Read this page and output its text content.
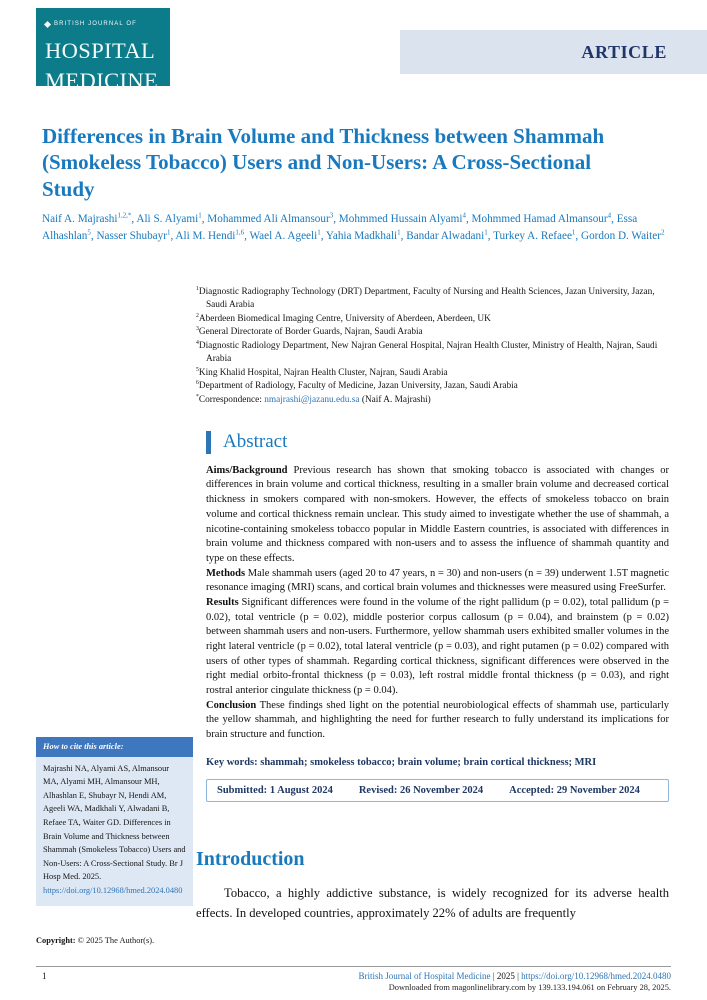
BRITISH JOURNAL OF
HOSPITAL
MEDICINE
ARTICLE
Differences in Brain Volume and Thickness between Shammah (Smokeless Tobacco) Users and Non-Users: A Cross-Sectional Study
Naif A. Majrashi$^{1,2,*}$, Ali S. Alyami$^1$, Mohammed Ali Almansour$^3$, Mohmmed Hussain Alyami$^4$, Mohmmed Hamad Almansour$^4$, Essa Alhashlan$^5$, Nasser Shubayr$^1$, Ali M. Hendi$^{1,6}$, Wael A. Ageeli$^1$, Yahia Madkhali$^1$, Bandar Alwadani$^1$, Turkey A. Refaee$^1$, Gordon D. Waiter$^2$
$^1$Diagnostic Radiography Technology (DRT) Department, Faculty of Nursing and Health Sciences, Jazan University, Jazan, Saudi Arabia
$^2$Aberdeen Biomedical Imaging Centre, University of Aberdeen, Aberdeen, UK
$^3$General Directorate of Border Guards, Najran, Saudi Arabia
$^4$Diagnostic Radiology Department, New Najran General Hospital, Najran Health Cluster, Ministry of Health, Najran, Saudi Arabia
$^5$King Khalid Hospital, Najran Health Cluster, Najran, Saudi Arabia
$^6$Department of Radiology, Faculty of Medicine, Jazan University, Jazan, Saudi Arabia
*Correspondence: nmajrashi@jazanu.edu.sa (Naif A. Majrashi)
Abstract

Aims/Background Previous research has shown that smoking tobacco is associated with changes or differences in brain volume and cortical thickness, resulting in a smaller brain volume and decreased cortical thickness in smokers compared with non-smokers. However, the effects of smokeless tobacco on brain volume and cortical thickness remain unclear. This study aimed to investigate whether the use of shammah, a nicotine-containing smokeless tobacco popular in Middle Eastern countries, is associated with differences in brain volume and thickness compared with non-users and to assess the influence of shammah quantity and type on these effects.

Methods Male shammah users (aged 20 to 47 years, n = 30) and non-users (n = 39) underwent 1.5T magnetic resonance imaging (MRI) scans, and cortical brain volumes and thicknesses were measured using FreeSurfer.

Results Significant differences were found in the volume of the right pallidum (p = 0.02), total pallidum (p = 0.02), total ventricle (p = 0.02), middle posterior corpus callosum (p = 0.04), and brainstem (p = 0.02) between shammah users and non-users. Furthermore, yellow shammah users exhibited smaller volumes in the right lateral ventricle (p = 0.02), total lateral ventricle (p = 0.03), and right putamen (p = 0.02) compared with users of other types of shammah. Regarding cortical thickness, significant differences were observed in the right medial orbito-frontal thickness (p = 0.03), left rostral middle frontal thickness (p = 0.03), and right rostral anterior cingulate thickness (p = 0.04).

Conclusion These findings shed light on the potential neurobiological effects of shammah use, particularly the yellow shammah, and highlighting the need for further research to fully understand its implications for brain structure and function.

Key words: shammah; smokeless tobacco; brain volume; brain cortical thickness; MRI
Submitted: 1 August 2024 Revised: 26 November 2024 Accepted: 29 November 2024
How to cite this article:
Majrashi NA, Alyami AS, Almansour MA, Alyami MH, Almansour MH, Alhashlan E, Shubayr N, Hendi AM, Ageeli WA, Madkhali Y, Alwadani B, Refaee TA, Waiter GD. Differences in Brain Volume and Thickness between Shammah (Smokeless Tobacco) Users and Non-Users: A Cross-Sectional Study. Br J Hosp Med. 2025. https://doi.org/10.12968/hmed.2024.0480
Copyright: © 2025 The Author(s).
Introduction

Tobacco, a highly addictive substance, is widely recognized for its adverse health effects. In developed countries, approximately 22% of adults are frequently

1	British Journal of Hospital Medicine | 2025 | https://doi.org/10.12968/hmed.2024.0480
Downloaded from magonlinelibrary.com by 139.133.194.061 on February 28, 2025.
